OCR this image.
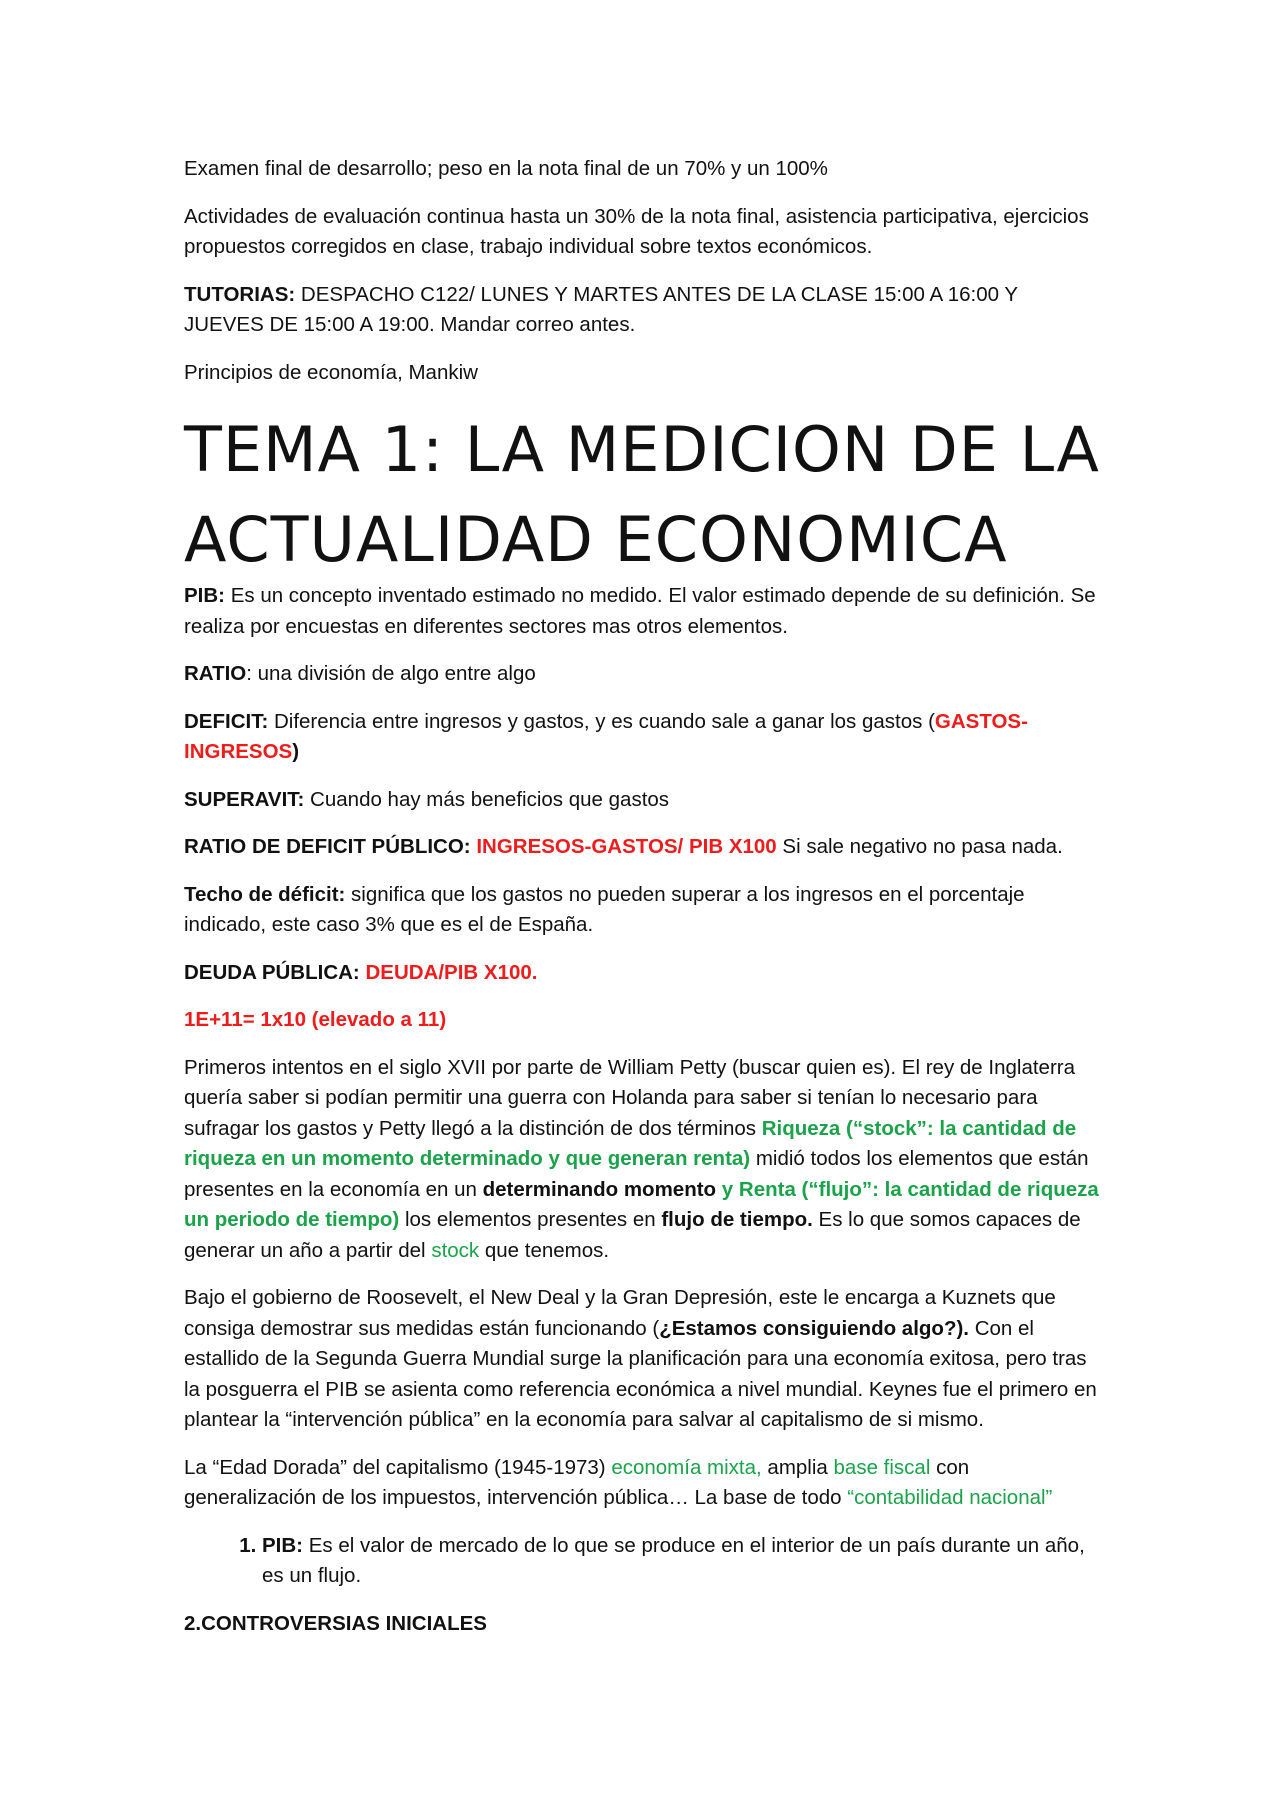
Examen final de desarrollo; peso en la nota final de un 70% y un 100%

Actividades de evaluación continua hasta un 30% de la nota final, asistencia participativa, ejercicios propuestos corregidos en clase, trabajo individual sobre textos económicos.

TUTORIAS: DESPACHO C122/ LUNES Y MARTES ANTES DE LA CLASE 15:00 A 16:00 Y JUEVES DE 15:00 A 19:00. Mandar correo antes.

Principios de economía, Mankiw

TEMA 1: LA MEDICION DE LA ACTUALIDAD ECONOMICA

PIB: Es un concepto inventado estimado no medido. El valor estimado depende de su definición. Se realiza por encuestas en diferentes sectores mas otros elementos.

RATIO: una división de algo entre algo

DEFICIT: Diferencia entre ingresos y gastos, y es cuando sale a ganar los gastos (GASTOS-INGRESOS)

SUPERAVIT: Cuando hay más beneficios que gastos

RATIO DE DEFICIT PÚBLICO: INGRESOS-GASTOS/ PIB X100 Si sale negativo no pasa nada.

Techo de déficit: significa que los gastos no pueden superar a los ingresos en el porcentaje indicado, este caso 3% que es el de España.

DEUDA PÚBLICA: DEUDA/PIB X100.

1E+11= 1x10 (elevado a 11)

Primeros intentos en el siglo XVII por parte de William Petty (buscar quien es). El rey de Inglaterra quería saber si podían permitir una guerra con Holanda para saber si tenían lo necesario para sufragar los gastos y Petty llegó a la distinción de dos términos Riqueza (“stock”: la cantidad de riqueza en un momento determinado y que generan renta) midió todos los elementos que están presentes en la economía en un determinando momento y Renta (“flujo”: la cantidad de riqueza un periodo de tiempo) los elementos presentes en flujo de tiempo. Es lo que somos capaces de generar un año a partir del stock que tenemos.

Bajo el gobierno de Roosevelt, el New Deal y la Gran Depresión, este le encarga a Kuznets que consiga demostrar sus medidas están funcionando (¿Estamos consiguiendo algo?). Con el estallido de la Segunda Guerra Mundial surge la planificación para una economía exitosa, pero tras la posguerra el PIB se asienta como referencia económica a nivel mundial. Keynes fue el primero en plantear la “intervención pública” en la economía para salvar al capitalismo de si mismo.

La “Edad Dorada” del capitalismo (1945-1973) economía mixta, amplia base fiscal con generalización de los impuestos, intervención pública… La base de todo “contabilidad nacional”

1. PIB: Es el valor de mercado de lo que se produce en el interior de un país durante un año, es un flujo.

2.CONTROVERSIAS INICIALES
